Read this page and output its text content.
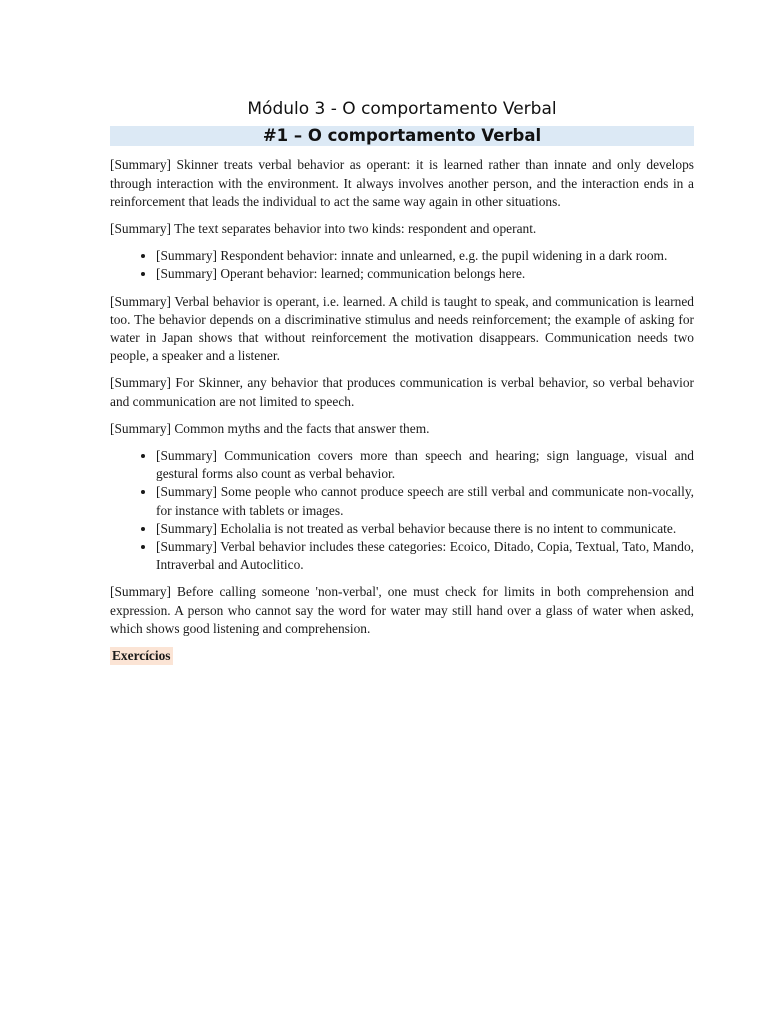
Módulo 3 - O comportamento Verbal
#1 – O comportamento Verbal

[Summary] Skinner treats verbal behavior as operant: it is learned rather than innate and only develops through interaction with the environment. It always involves another person, and the interaction ends in a reinforcement that leads the individual to act the same way again in other situations.

[Summary] The text separates behavior into two kinds: respondent and operant.

• [Summary] Respondent behavior: innate and unlearned, e.g. the pupil widening in a dark room.
• [Summary] Operant behavior: learned; communication belongs here.

[Summary] Verbal behavior is operant, i.e. learned. A child is taught to speak, and communication is learned too. The behavior depends on a discriminative stimulus and needs reinforcement; the example of asking for water in Japan shows that without reinforcement the motivation disappears. Communication needs two people, a speaker and a listener.

[Summary] For Skinner, any behavior that produces communication is verbal behavior, so verbal behavior and communication are not limited to speech.

[Summary] Common myths and the facts that answer them.

• [Summary] Communication covers more than speech and hearing; sign language, visual and gestural forms also count as verbal behavior.
• [Summary] Some people who cannot produce speech are still verbal and communicate non-vocally, for instance with tablets or images.
• [Summary] Echolalia is not treated as verbal behavior because there is no intent to communicate.
• [Summary] Verbal behavior includes these categories: Ecoico, Ditado, Copia, Textual, Tato, Mando, Intraverbal and Autoclitico.

[Summary] Before calling someone 'non-verbal', one must check for limits in both comprehension and expression. A person who cannot say the word for water may still hand over a glass of water when asked, which shows good listening and comprehension.

Exercícios
